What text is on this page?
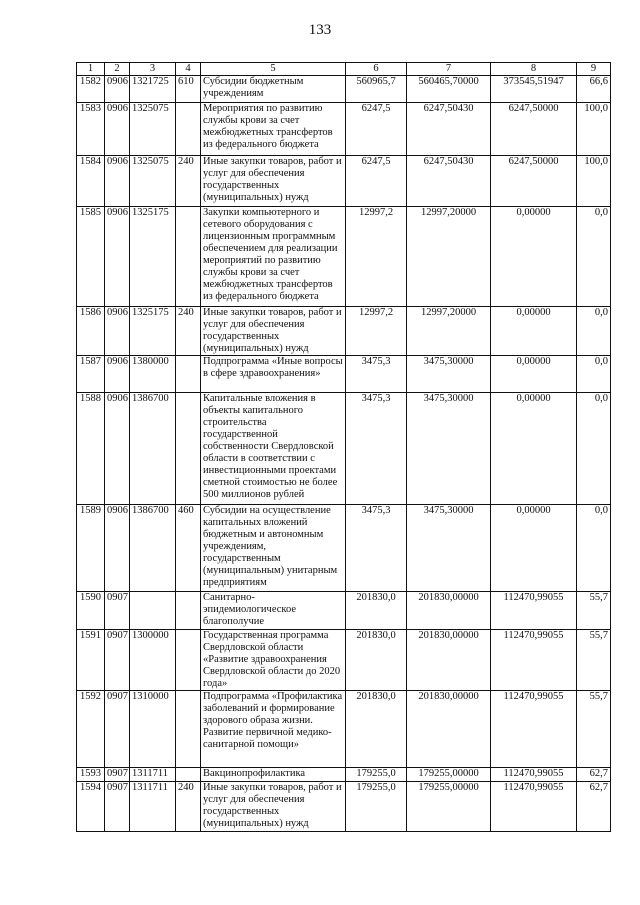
133
1	2	3	4	5	6	7	8	9
1582	0906	1321725	610	Субсидии бюджетным учреждениям	560965,7	560465,70000	373545,51947	66,6
1583	0906	1325075		Мероприятия по развитию службы крови за счет межбюджетных трансфертов из федерального бюджета	6247,5	6247,50430	6247,50000	100,0
1584	0906	1325075	240	Иные закупки товаров, работ и услуг для обеспечения государственных (муниципальных) нужд	6247,5	6247,50430	6247,50000	100,0
1585	0906	1325175		Закупки компьютерного и сетевого оборудования с лицензионным программным обеспечением для реализации мероприятий по развитию службы крови за счет межбюджетных трансфертов из федерального бюджета	12997,2	12997,20000	0,00000	0,0
1586	0906	1325175	240	Иные закупки товаров, работ и услуг для обеспечения государственных (муниципальных) нужд	12997,2	12997,20000	0,00000	0,0
1587	0906	1380000		Подпрограмма «Иные вопросы в сфере здравоохранения»	3475,3	3475,30000	0,00000	0,0
1588	0906	1386700		Капитальные вложения в объекты капитального строительства государственной собственности Свердловской области в соответствии с инвестиционными проектами сметной стоимостью не более 500 миллионов рублей	3475,3	3475,30000	0,00000	0,0
1589	0906	1386700	460	Субсидии на осуществление капитальных вложений бюджетным и автономным учреждениям, государственным (муниципальным) унитарным предприятиям	3475,3	3475,30000	0,00000	0,0
1590	0907			Санитарно-эпидемиологическое благополучие	201830,0	201830,00000	112470,99055	55,7
1591	0907	1300000		Государственная программа Свердловской области «Развитие здравоохранения Свердловской области до 2020 года»	201830,0	201830,00000	112470,99055	55,7
1592	0907	1310000		Подпрограмма «Профилактика заболеваний и формирование здорового образа жизни. Развитие первичной медико-санитарной помощи»	201830,0	201830,00000	112470,99055	55,7
1593	0907	1311711		Вакцинопрофилактика	179255,0	179255,00000	112470,99055	62,7
1594	0907	1311711	240	Иные закупки товаров, работ и услуг для обеспечения государственных (муниципальных) нужд	179255,0	179255,00000	112470,99055	62,7
